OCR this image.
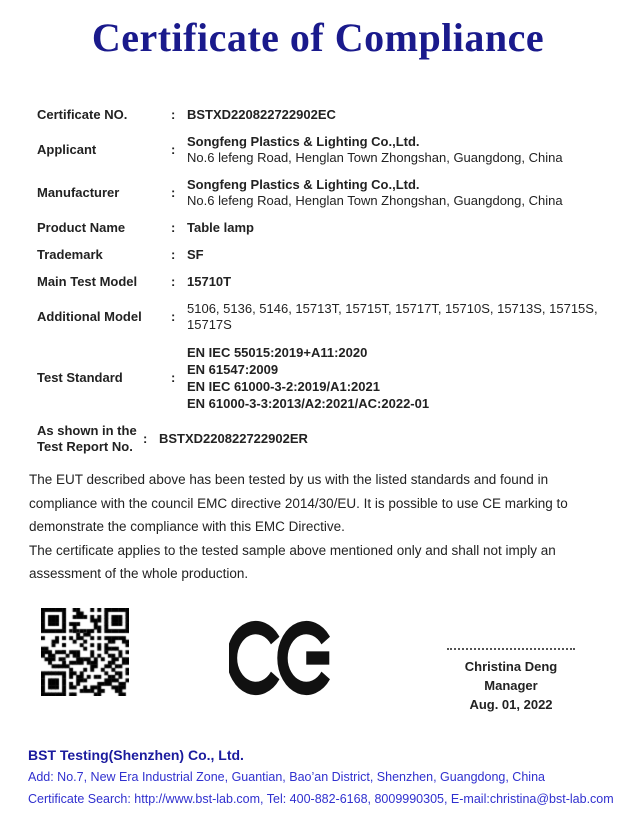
Certificate of Compliance
Certificate NO.	: BSTXD220822722902EC
Applicant	:
Songfeng Plastics & Lighting Co.,Ltd.
No.6 lefeng Road, Henglan Town Zhongshan, Guangdong, China
Manufacturer	:
Songfeng Plastics & Lighting Co.,Ltd.
No.6 lefeng Road, Henglan Town Zhongshan, Guangdong, China
Product Name	: Table lamp
Trademark	: SF
Main Test Model	: 15710T
Additional Model	:
5106, 5136, 5146, 15713T, 15715T, 15717T, 15710S, 15713S, 15715S, 15717S
Test Standard	:
EN IEC 55015:2019+A11:2020
EN 61547:2009
EN IEC 61000-3-2:2019/A1:2021
EN 61000-3-3:2013/A2:2021/AC:2022-01
As shown in the Test Report No.
: BSTXD220822722902ER

The EUT described above has been tested by us with the listed standards and found in compliance with the council EMC directive 2014/30/EU. It is possible to use CE marking to demonstrate the compliance with this EMC Directive.

The certificate applies to the tested sample above mentioned only and shall not imply an assessment of the whole production.

Christina Deng
Manager
Aug. 01, 2022
BST Testing(Shenzhen) Co., Ltd.
Add: No.7, New Era Industrial Zone, Guantian, Bao’an District, Shenzhen, Guangdong, China
Certificate Search: http://www.bst-lab.com, Tel: 400-882-6168, 8009990305, E-mail:christina@bst-lab.com
